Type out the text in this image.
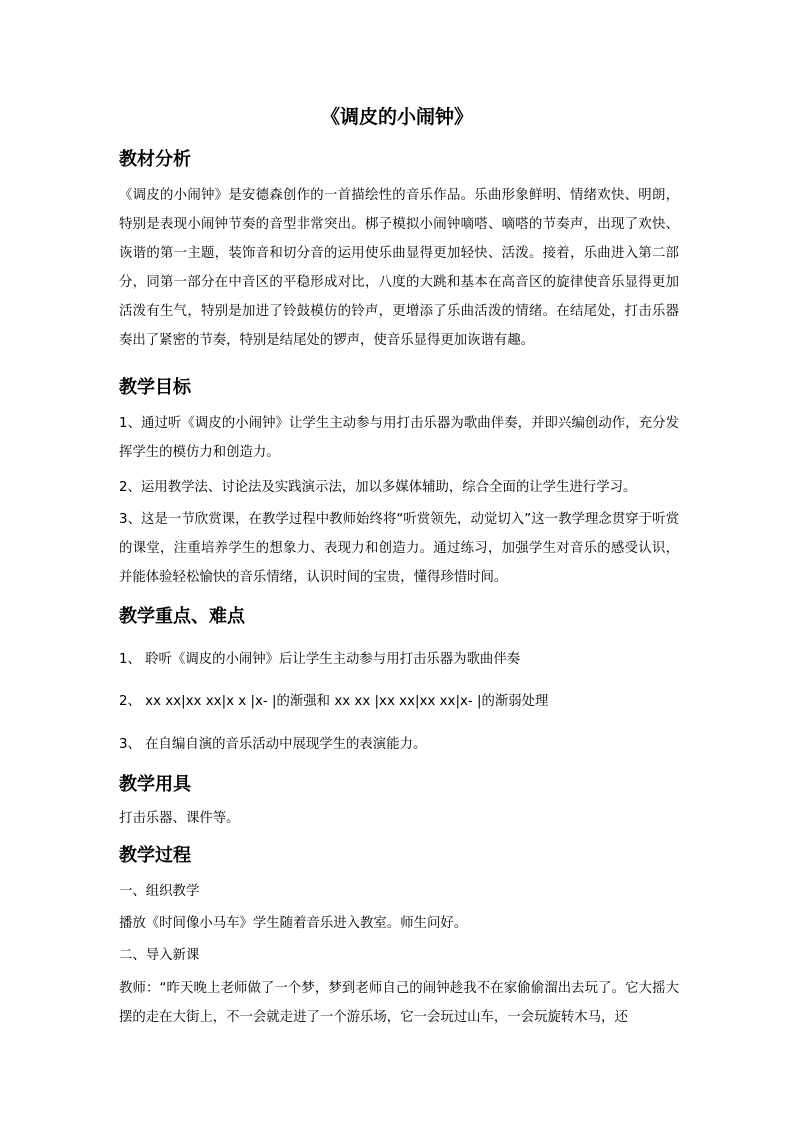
《调皮的小闹钟》
教材分析
《调皮的小闹钟》是安德森创作的一首描绘性的音乐作品。乐曲形象鲜明、情绪欢快、明朗，特别是表现小闹钟节奏的音型非常突出。梆子模拟小闹钟嘀嗒、嘀嗒的节奏声，出现了欢快、诙谐的第一主题，装饰音和切分音的运用使乐曲显得更加轻快、活泼。接着，乐曲进入第二部分，同第一部分在中音区的平稳形成对比，八度的大跳和基本在高音区的旋律使音乐显得更加活泼有生气，特别是加进了铃鼓模仿的铃声，更增添了乐曲活泼的情绪。在结尾处，打击乐器奏出了紧密的节奏，特别是结尾处的锣声，使音乐显得更加诙谐有趣。
教学目标
1、通过听《调皮的小闹钟》让学生主动参与用打击乐器为歌曲伴奏，并即兴编创动作，充分发挥学生的模仿力和创造力。
2、运用教学法、讨论法及实践演示法，加以多媒体辅助，综合全面的让学生进行学习。
3、这是一节欣赏课，在教学过程中教师始终将“听赏领先，动觉切入”这一教学理念贯穿于听赏的课堂，注重培养学生的想象力、表现力和创造力。通过练习，加强学生对音乐的感受认识，并能体验轻松愉快的音乐情绪，认识时间的宝贵，懂得珍惜时间。
教学重点、难点
1、 聆听《调皮的小闹钟》后让学生主动参与用打击乐器为歌曲伴奏
2、 xx xx|xx xx|x x |x- |的渐强和 xx xx |xx xx|xx xx|x- |的渐弱处理
3、 在自编自演的音乐活动中展现学生的表演能力。
教学用具
打击乐器、课件等。
教学过程
一、组织教学
播放《时间像小马车》学生随着音乐进入教室。师生问好。
二、导入新课
教师：“昨天晚上老师做了一个梦，梦到老师自己的闹钟趁我不在家偷偷溜出去玩了。它大摇大摆的走在大街上，不一会就走进了一个游乐场，它一会玩过山车，一会玩旋转木马，还
